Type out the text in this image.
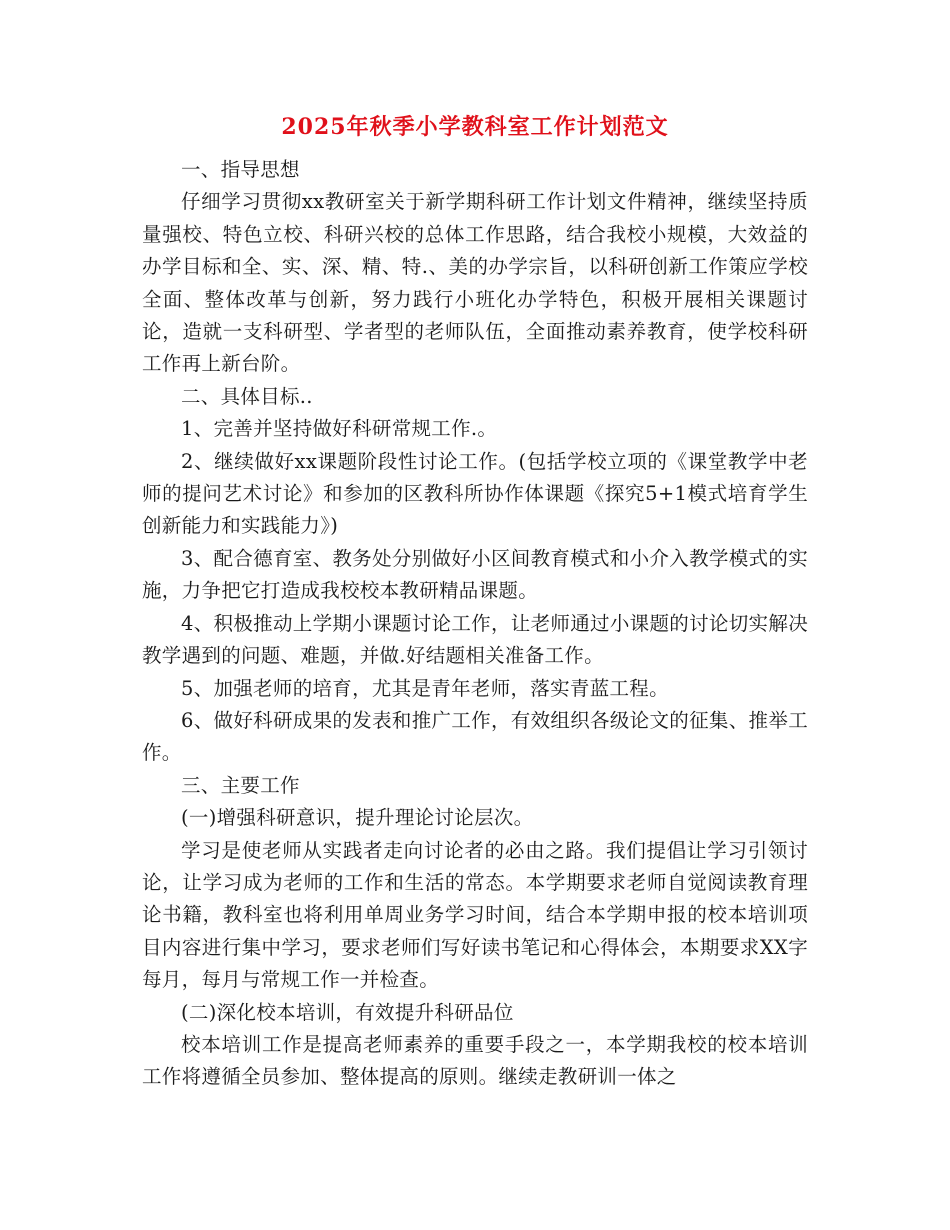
2025年秋季小学教科室工作计划范文

一、指导思想

仔细学习贯彻xx教研室关于新学期科研工作计划文件精神，继续坚持质量强校、特色立校、科研兴校的总体工作思路，结合我校小规模，大效益的办学目标和全、实、深、精、特.、美的办学宗旨，以科研创新工作策应学校全面、整体改革与创新，努力践行小班化办学特色，积极开展相关课题讨论，造就一支科研型、学者型的老师队伍，全面推动素养教育，使学校科研工作再上新台阶。

二、具体目标..

1、完善并坚持做好科研常规工作.。

2、继续做好xx课题阶段性讨论工作。(包括学校立项的《课堂教学中老师的提问艺术讨论》和参加的区教科所协作体课题《探究5+1模式培育学生创新能力和实践能力》)

3、配合德育室、教务处分别做好小区间教育模式和小介入教学模式的实施，力争把它打造成我校校本教研精品课题。

4、积极推动上学期小课题讨论工作，让老师通过小课题的讨论切实解决教学遇到的问题、难题，并做.好结题相关准备工作。

5、加强老师的培育，尤其是青年老师，落实青蓝工程。

6、做好科研成果的发表和推广工作，有效组织各级论文的征集、推举工作。

三、主要工作

(一)增强科研意识，提升理论讨论层次。

学习是使老师从实践者走向讨论者的必由之路。我们提倡让学习引领讨论，让学习成为老师的工作和生活的常态。本学期要求老师自觉阅读教育理论书籍，教科室也将利用单周业务学习时间，结合本学期申报的校本培训项目内容进行集中学习，要求老师们写好读书笔记和心得体会，本期要求XX字每月，每月与常规工作一并检查。

(二)深化校本培训，有效提升科研品位

校本培训工作是提高老师素养的重要手段之一，本学期我校的校本培训工作将遵循全员参加、整体提高的原则。继续走教研训一体之
